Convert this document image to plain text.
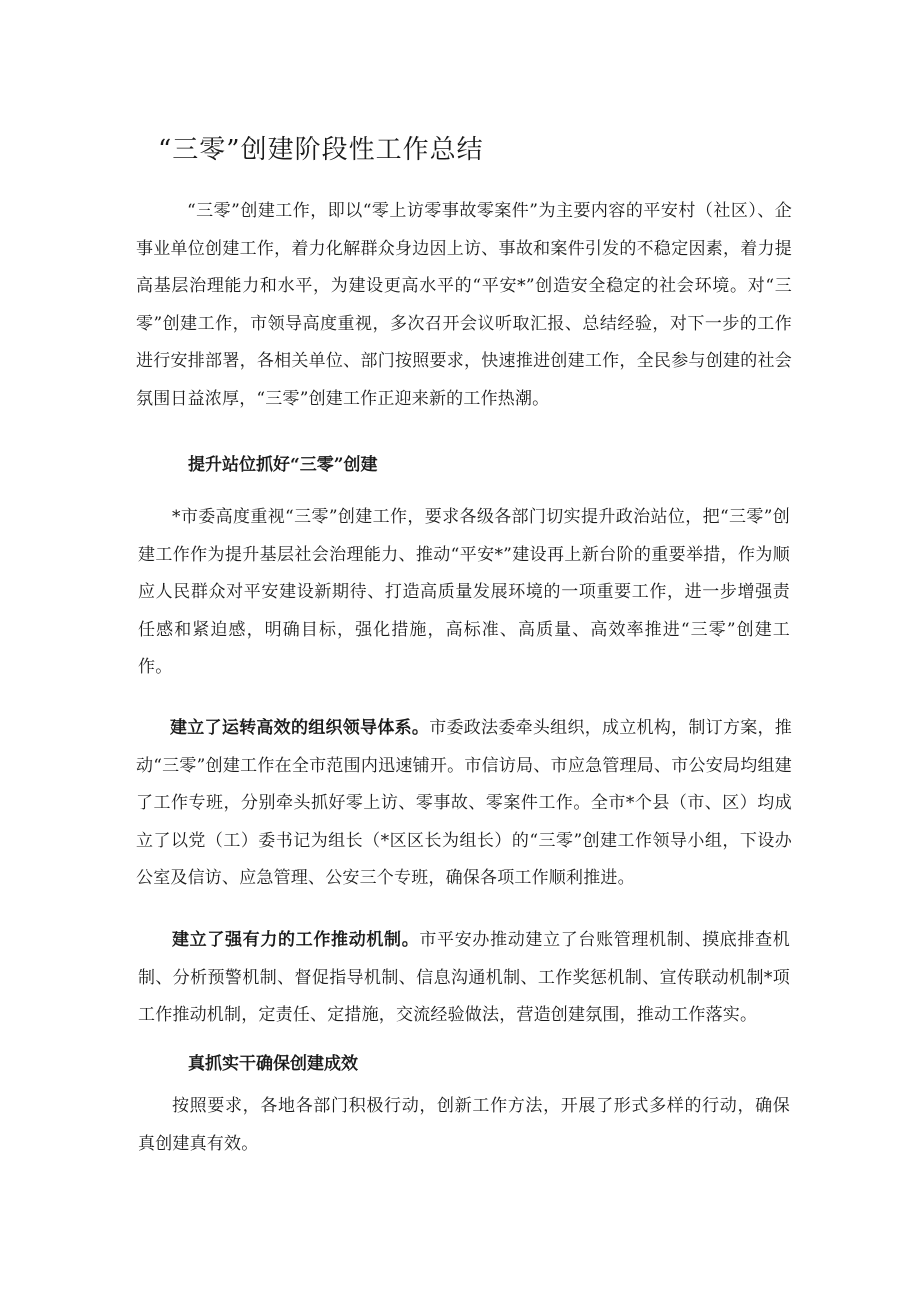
“三零”创建阶段性工作总结

“三零”创建工作，即以“零上访零事故零案件”为主要内容的平安村（社区）、企事业单位创建工作，着力化解群众身边因上访、事故和案件引发的不稳定因素，着力提高基层治理能力和水平，为建设更高水平的“平安*”创造安全稳定的社会环境。对“三零”创建工作，市领导高度重视，多次召开会议听取汇报、总结经验，对下一步的工作进行安排部署，各相关单位、部门按照要求，快速推进创建工作，全民参与创建的社会氛围日益浓厚，“三零”创建工作正迎来新的工作热潮。

提升站位抓好“三零”创建

*市委高度重视“三零”创建工作，要求各级各部门切实提升政治站位，把“三零”创建工作作为提升基层社会治理能力、推动“平安*”建设再上新台阶的重要举措，作为顺应人民群众对平安建设新期待、打造高质量发展环境的一项重要工作，进一步增强责任感和紧迫感，明确目标，强化措施，高标准、高质量、高效率推进“三零”创建工作。

建立了运转高效的组织领导体系。市委政法委牵头组织，成立机构，制订方案，推动“三零”创建工作在全市范围内迅速铺开。市信访局、市应急管理局、市公安局均组建了工作专班，分别牵头抓好零上访、零事故、零案件工作。全市*个县（市、区）均成立了以党（工）委书记为组长（*区区长为组长）的“三零”创建工作领导小组，下设办公室及信访、应急管理、公安三个专班，确保各项工作顺利推进。

建立了强有力的工作推动机制。市平安办推动建立了台账管理机制、摸底排查机制、分析预警机制、督促指导机制、信息沟通机制、工作奖惩机制、宣传联动机制*项工作推动机制，定责任、定措施，交流经验做法，营造创建氛围，推动工作落实。

真抓实干确保创建成效

按照要求，各地各部门积极行动，创新工作方法，开展了形式多样的行动，确保真创建真有效。
